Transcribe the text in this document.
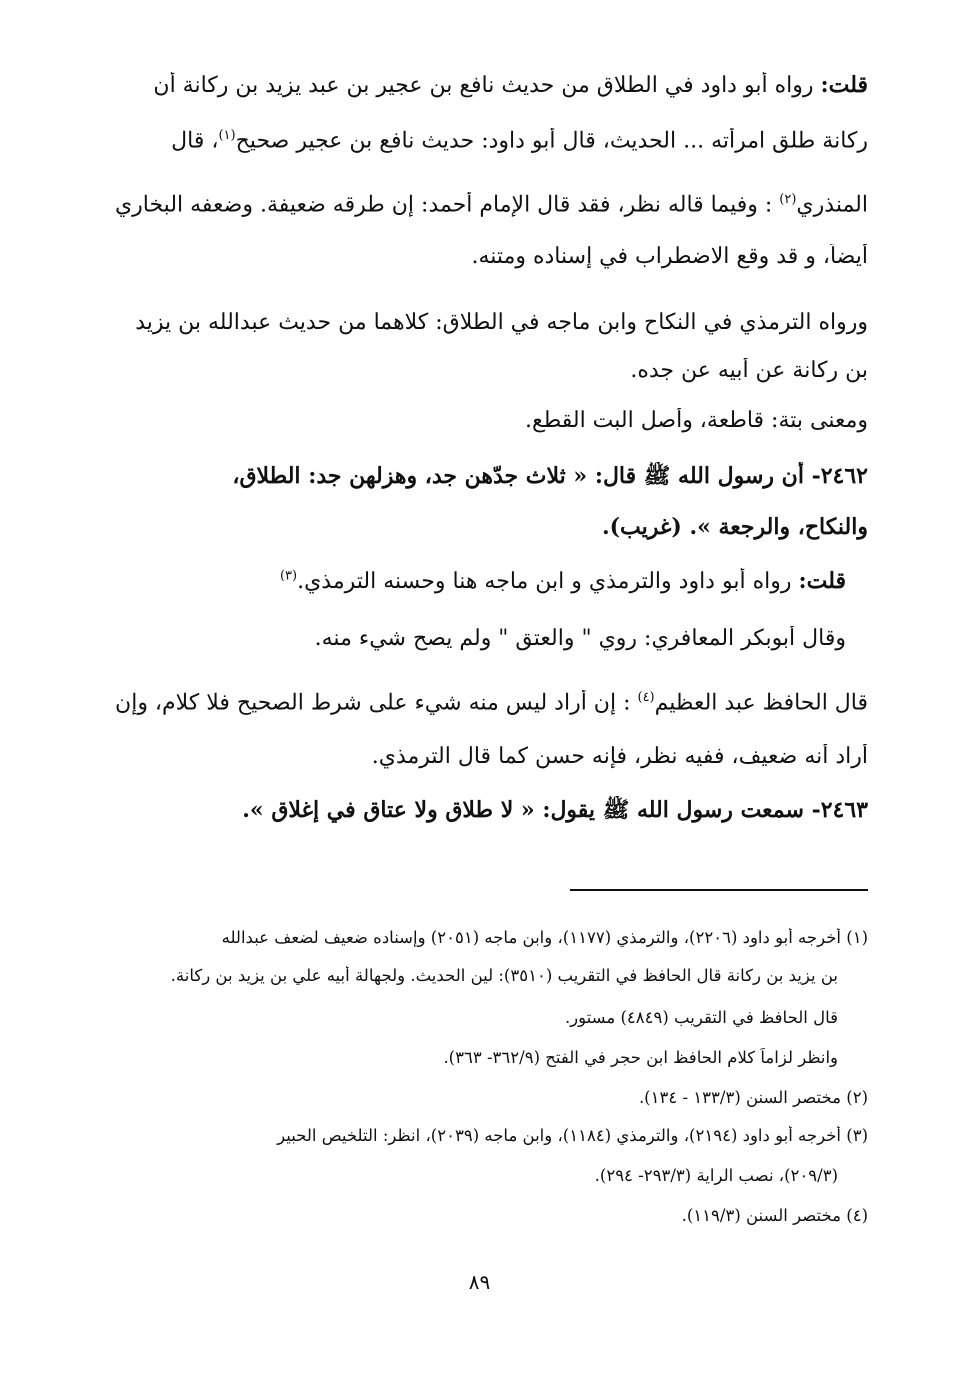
قلت: رواه أبو داود في الطلاق من حديث نافع بن عجير بن عبد يزيد بن ركانة أن
ركانة طلق امرأته ... الحديث، قال أبو داود: حديث نافع بن عجير صحيح$^{(١)}$، قال
المنذري$^{(٢)}$ : وفيما قاله نظر، فقد قال الإمام أحمد: إن طرقه ضعيفة. وضعفه البخاري
أيضاً، و قد وقع الاضطراب في إسناده ومتنه.
ورواه الترمذي في النكاح وابن ماجه في الطلاق: كلاهما من حديث عبدالله بن يزيد
بن ركانة عن أبيه عن جده.
ومعنى بتة: قاطعة، وأصل البت القطع.
٢٤٦٢- أن رسول الله ﷺ قال: « ثلاث جدّهن جد، وهزلهن جد: الطلاق،
والنكاح، والرجعة ». (غريب).
قلت: رواه أبو داود والترمذي و ابن ماجه هنا وحسنه الترمذي.$^{(٣)}$
وقال أبوبكر المعافري: روي " والعتق " ولم يصح شيء منه.
قال الحافظ عبد العظيم$^{(٤)}$ : إن أراد ليس منه شيء على شرط الصحيح فلا كلام، وإن
أراد أنه ضعيف، ففيه نظر، فإنه حسن كما قال الترمذي.
٢٤٦٣- سمعت رسول الله ﷺ يقول: « لا طلاق ولا عتاق في إغلاق ».
(١) أخرجه أبو داود (٢٢٠٦)، والترمذي (١١٧٧)، وابن ماجه (٢٠٥١) وإسناده ضعيف لضعف عبدالله
بن يزيد بن ركانة قال الحافظ في التقريب (٣٥١٠): لين الحديث. ولجهالة أبيه علي بن يزيد بن ركانة.
قال الحافظ في التقريب (٤٨٤٩) مستور.
وانظر لزاماً كلام الحافظ ابن حجر في الفتح (٣٦٢/٩- ٣٦٣).
(٢) مختصر السنن (١٣٣/٣ - ١٣٤).
(٣) أخرجه أبو داود (٢١٩٤)، والترمذي (١١٨٤)، وابن ماجه (٢٠٣٩)، انظر: التلخيص الحبير
(٢٠٩/٣)، نصب الراية (٢٩٣/٣- ٢٩٤).
(٤) مختصر السنن (١١٩/٣).
٨٩
